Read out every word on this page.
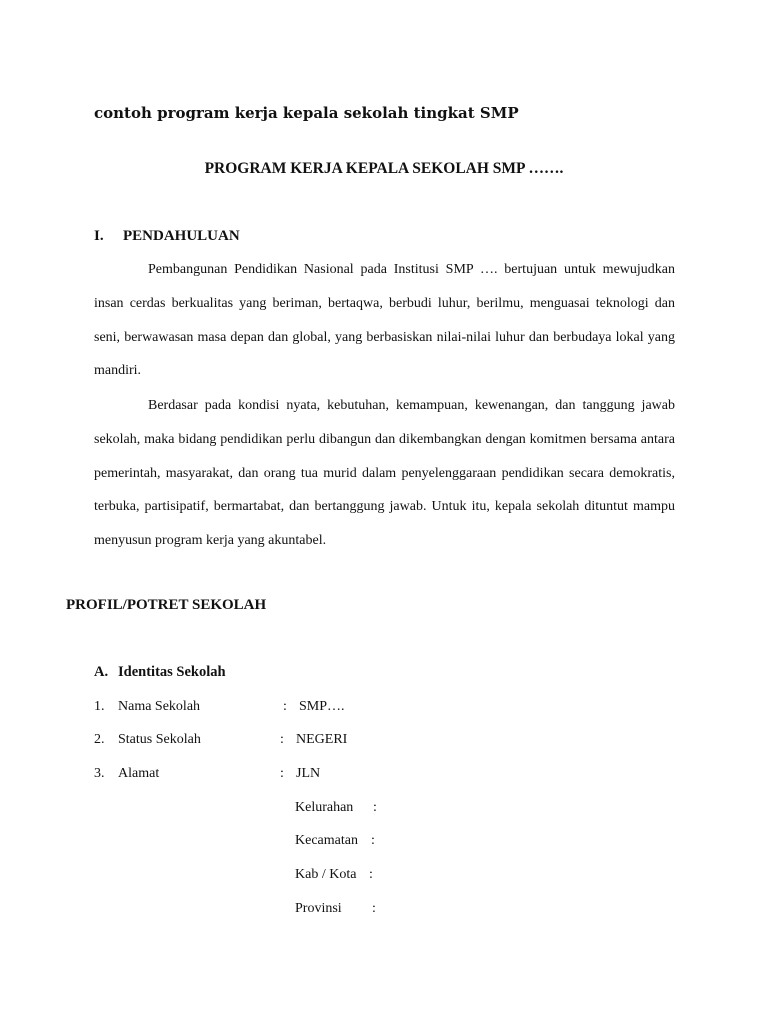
contoh program kerja kepala sekolah tingkat SMP
PROGRAM KERJA KEPALA SEKOLAH SMP …….
I. PENDAHULUAN

Pembangunan Pendidikan Nasional pada Institusi SMP …. bertujuan untuk mewujudkan insan cerdas berkualitas yang beriman, bertaqwa, berbudi luhur, berilmu, menguasai teknologi dan seni, berwawasan masa depan dan global, yang berbasiskan nilai-nilai luhur dan berbudaya lokal yang mandiri.

Berdasar pada kondisi nyata, kebutuhan, kemampuan, kewenangan, dan tanggung jawab sekolah, maka bidang pendidikan perlu dibangun dan dikembangkan dengan komitmen bersama antara pemerintah, masyarakat, dan orang tua murid dalam penyelenggaraan pendidikan secara demokratis, terbuka, partisipatif, bermartabat, dan bertanggung jawab. Untuk itu, kepala sekolah dituntut mampu menyusun program kerja yang akuntabel.

PROFIL/POTRET SEKOLAH
A. Identitas Sekolah
1. Nama Sekolah	: SMP….
2. Status Sekolah	: NEGERI
3. Alamat	: JLN
Kelurahan :
Kecamatan :
Kab / Kota :
Provinsi :
